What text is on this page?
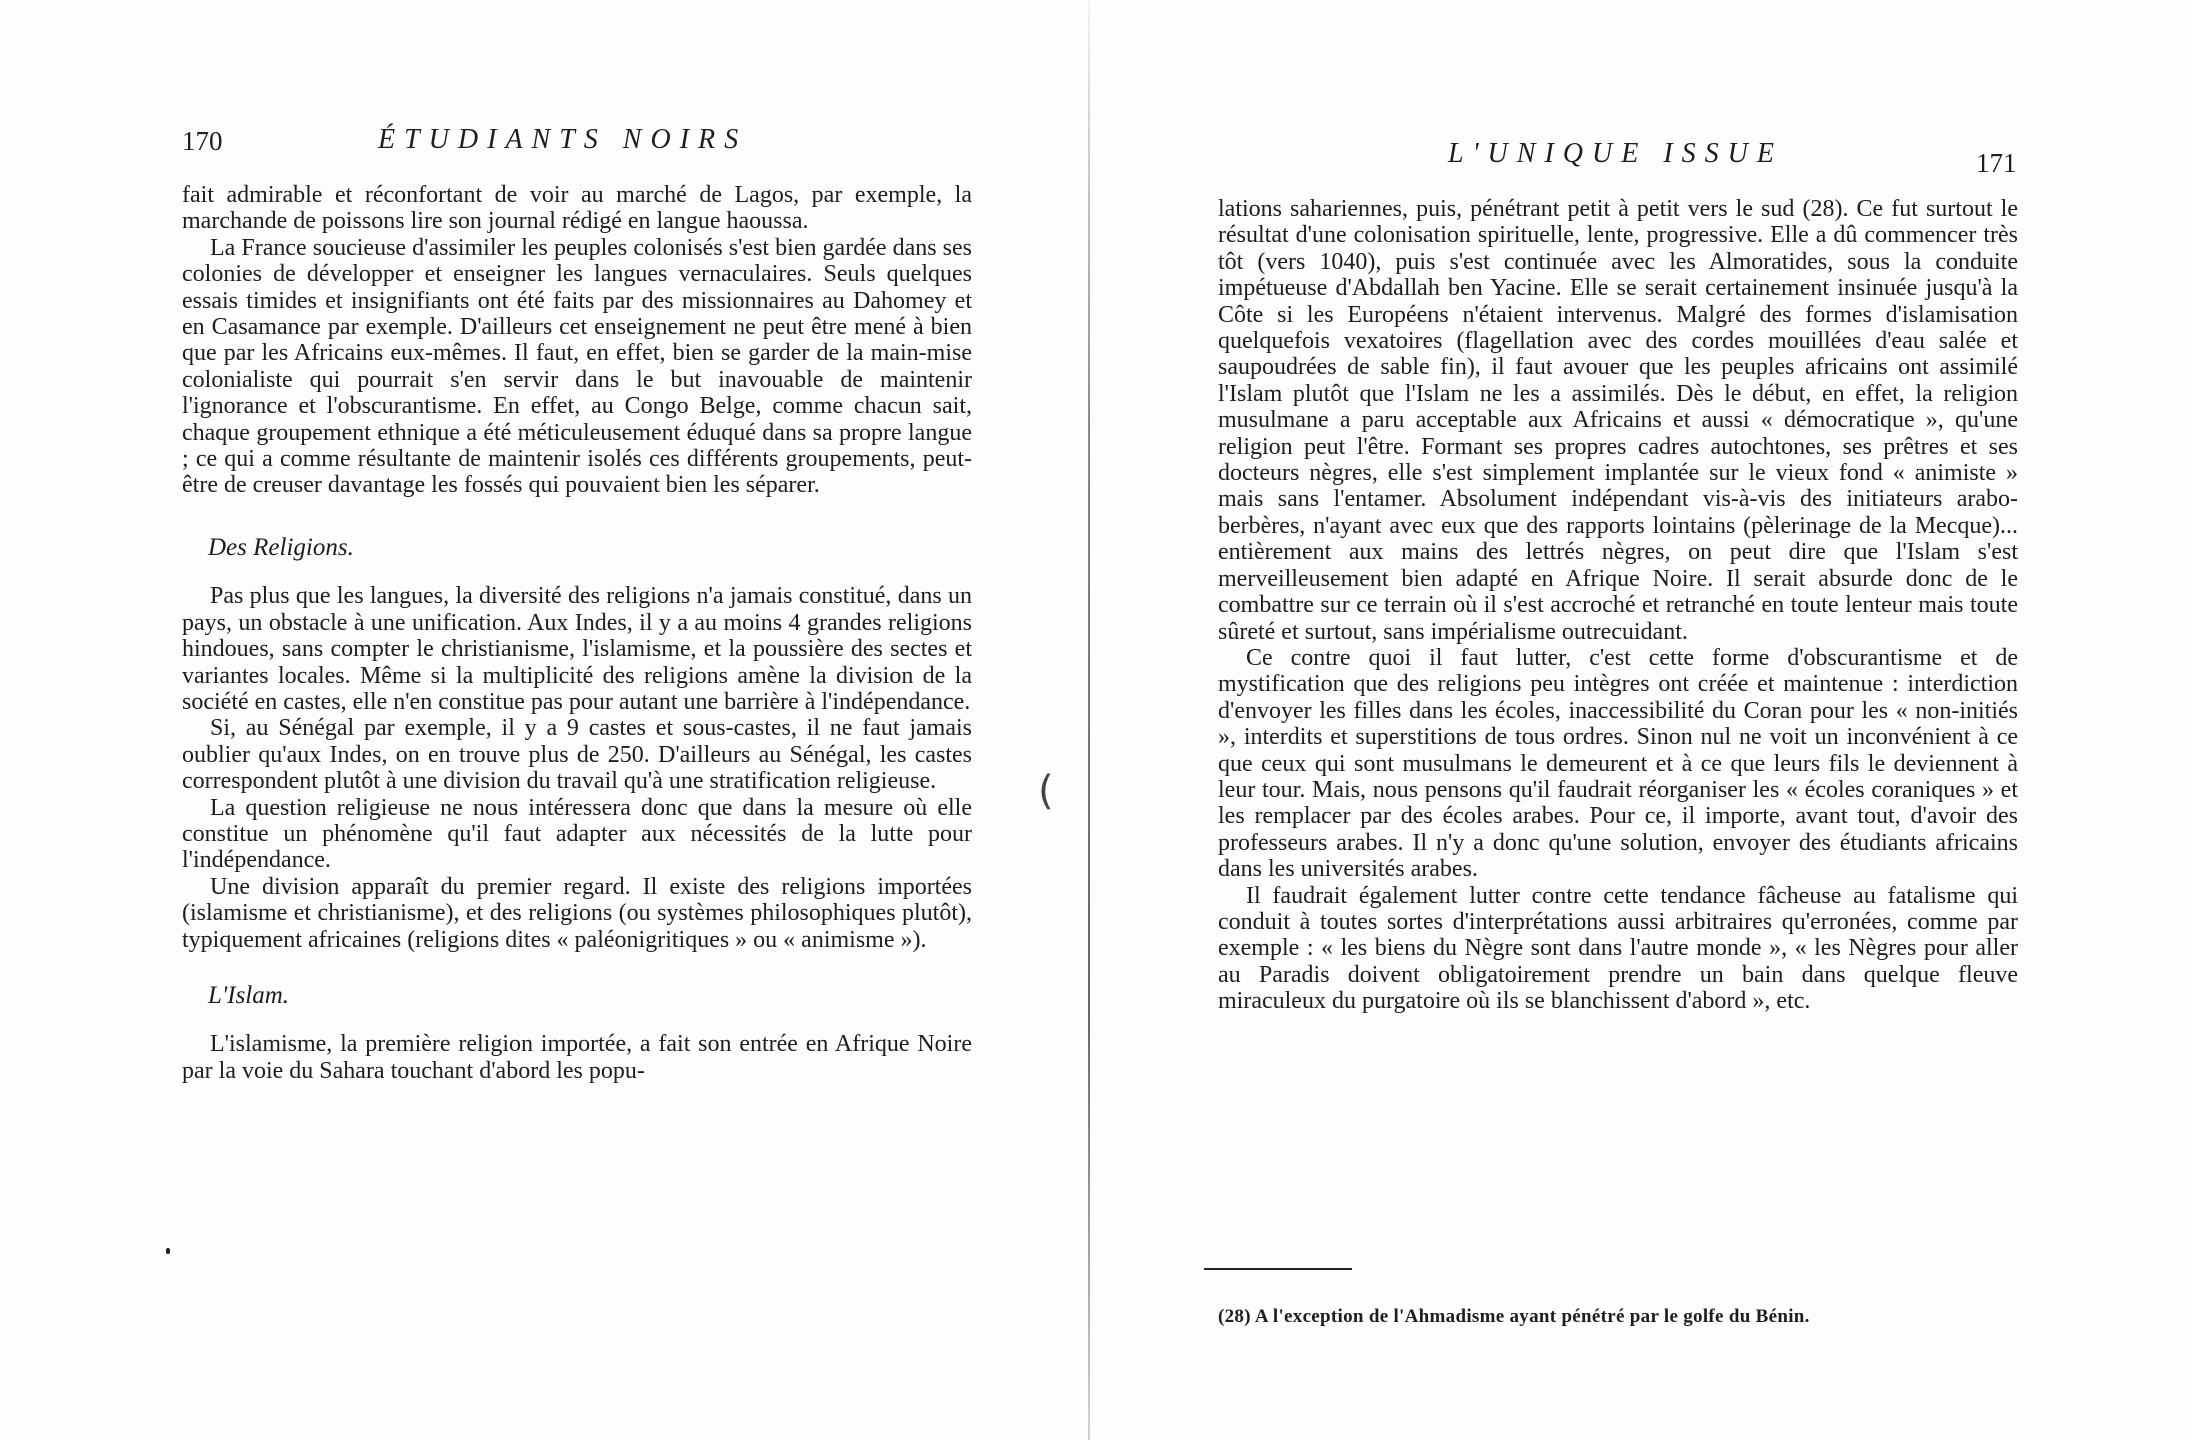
170	ÉTUDIANTS NOIRS

fait admirable et réconfortant de voir au marché de Lagos, par exemple, la marchande de poissons lire son journal rédigé en langue haoussa.

La France soucieuse d'assimiler les peuples colonisés s'est bien gardée dans ses colonies de développer et enseigner les langues vernaculaires. Seuls quelques essais timides et insignifiants ont été faits par des missionnaires au Dahomey et en Casamance par exemple. D'ailleurs cet enseignement ne peut être mené à bien que par les Africains eux-mêmes. Il faut, en effet, bien se garder de la main-mise colonialiste qui pourrait s'en servir dans le but inavouable de maintenir l'ignorance et l'obscurantisme. En effet, au Congo Belge, comme chacun sait, chaque groupement ethnique a été méticuleusement éduqué dans sa propre langue ; ce qui a comme résultante de maintenir isolés ces différents groupements, peut-être de creuser davantage les fossés qui pouvaient bien les séparer.

Des Religions.

Pas plus que les langues, la diversité des religions n'a jamais constitué, dans un pays, un obstacle à une unification. Aux Indes, il y a au moins 4 grandes religions hindoues, sans compter le christianisme, l'islamisme, et la poussière des sectes et variantes locales. Même si la multiplicité des religions amène la division de la société en castes, elle n'en constitue pas pour autant une barrière à l'indépendance.

Si, au Sénégal par exemple, il y a 9 castes et sous-castes, il ne faut jamais oublier qu'aux Indes, on en trouve plus de 250. D'ailleurs au Sénégal, les castes correspondent plutôt à une division du travail qu'à une stratification religieuse.

La question religieuse ne nous intéressera donc que dans la mesure où elle constitue un phénomène qu'il faut adapter aux nécessités de la lutte pour l'indépendance.

Une division apparaît du premier regard. Il existe des religions importées (islamisme et christianisme), et des religions (ou systèmes philosophiques plutôt), typiquement africaines (religions dites « paléonigritiques » ou « animisme »).

L'Islam.

L'islamisme, la première religion importée, a fait son entrée en Afrique Noire par la voie du Sahara touchant d'abord les popu-

L'UNIQUE ISSUE	171

lations sahariennes, puis, pénétrant petit à petit vers le sud (28). Ce fut surtout le résultat d'une colonisation spirituelle, lente, progressive. Elle a dû commencer très tôt (vers 1040), puis s'est continuée avec les Almoratides, sous la conduite impétueuse d'Abdallah ben Yacine. Elle se serait certainement insinuée jusqu'à la Côte si les Européens n'étaient intervenus. Malgré des formes d'islamisation quelquefois vexatoires (flagellation avec des cordes mouillées d'eau salée et saupoudrées de sable fin), il faut avouer que les peuples africains ont assimilé l'Islam plutôt que l'Islam ne les a assimilés. Dès le début, en effet, la religion musulmane a paru acceptable aux Africains et aussi « démocratique », qu'une religion peut l'être. Formant ses propres cadres autochtones, ses prêtres et ses docteurs nègres, elle s'est simplement implantée sur le vieux fond « animiste » mais sans l'entamer. Absolument indépendant vis-à-vis des initiateurs arabo-berbères, n'ayant avec eux que des rapports lointains (pèlerinage de la Mecque)... entièrement aux mains des lettrés nègres, on peut dire que l'Islam s'est merveilleusement bien adapté en Afrique Noire. Il serait absurde donc de le combattre sur ce terrain où il s'est accroché et retranché en toute lenteur mais toute sûreté et surtout, sans impérialisme outrecuidant.

Ce contre quoi il faut lutter, c'est cette forme d'obscurantisme et de mystification que des religions peu intègres ont créée et maintenue : interdiction d'envoyer les filles dans les écoles, inaccessibilité du Coran pour les « non-initiés », interdits et superstitions de tous ordres. Sinon nul ne voit un inconvénient à ce que ceux qui sont musulmans le demeurent et à ce que leurs fils le deviennent à leur tour. Mais, nous pensons qu'il faudrait réorganiser les « écoles coraniques » et les remplacer par des écoles arabes. Pour ce, il importe, avant tout, d'avoir des professeurs arabes. Il n'y a donc qu'une solution, envoyer des étudiants africains dans les universités arabes.

Il faudrait également lutter contre cette tendance fâcheuse au fatalisme qui conduit à toutes sortes d'interprétations aussi arbitraires qu'erronées, comme par exemple : « les biens du Nègre sont dans l'autre monde », « les Nègres pour aller au Paradis doivent obligatoirement prendre un bain dans quelque fleuve miraculeux du purgatoire où ils se blanchissent d'abord », etc.

(28) A l'exception de l'Ahmadisme ayant pénétré par le golfe du Bénin.
(
